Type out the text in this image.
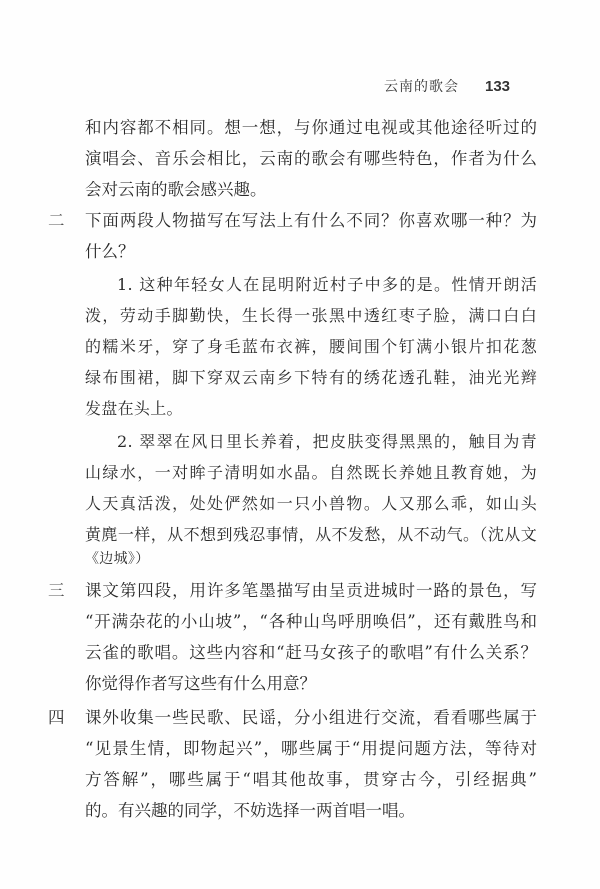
云南的歌会 133
和内容都不相同。想一想，与你通过电视或其他途径听过的
演唱会、音乐会相比，云南的歌会有哪些特色，作者为什么
会对云南的歌会感兴趣。
二 下面两段人物描写在写法上有什么不同？你喜欢哪一种？为
什么？
1. 这种年轻女人在昆明附近村子中多的是。性情开朗活
泼，劳动手脚勤快，生长得一张黑中透红枣子脸，满口白白
的糯米牙，穿了身毛蓝布衣裤，腰间围个钉满小银片扣花葱
绿布围裙，脚下穿双云南乡下特有的绣花透孔鞋，油光光辫
发盘在头上。
2. 翠翠在风日里长养着，把皮肤变得黑黑的，触目为青
山绿水，一对眸子清明如水晶。自然既长养她且教育她，为
人天真活泼，处处俨然如一只小兽物。人又那么乖，如山头
黄麂一样，从不想到残忍事情，从不发愁，从不动气。（沈从文
《边城》）
三 课文第四段，用许多笔墨描写由呈贡进城时一路的景色，写
“开满杂花的小山坡”，“各种山鸟呼朋唤侣”，还有戴胜鸟和
云雀的歌唱。这些内容和“赶马女孩子的歌唱”有什么关系？
你觉得作者写这些有什么用意？
四 课外收集一些民歌、民谣，分小组进行交流，看看哪些属于
“见景生情，即物起兴”，哪些属于“用提问题方法，等待对
方答解”，哪些属于“唱其他故事，贯穿古今，引经据典”
的。有兴趣的同学，不妨选择一两首唱一唱。
